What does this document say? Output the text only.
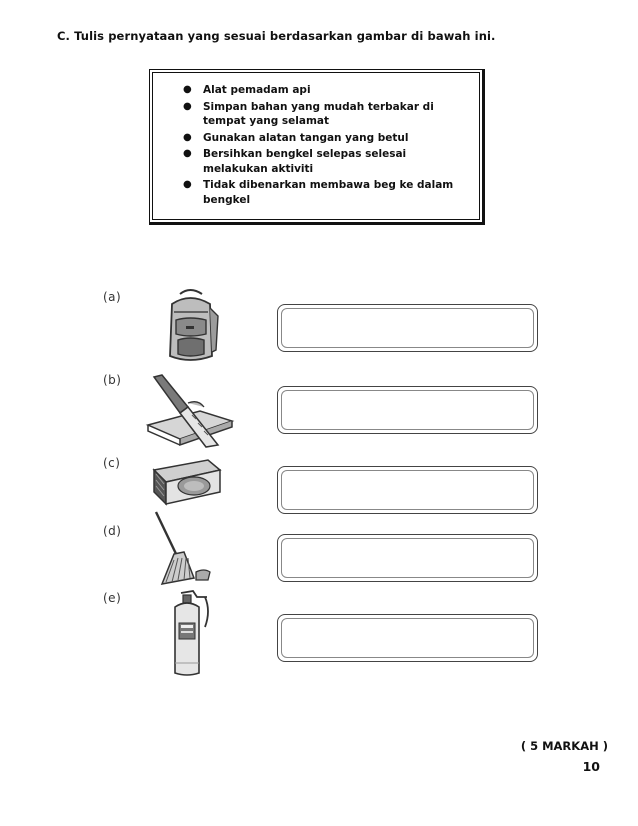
C. Tulis pernyataan yang sesuai berdasarkan gambar di bawah ini.
● Alat pemadam api
● Simpan bahan yang mudah terbakar di tempat yang selamat
● Gunakan alatan tangan yang betul
● Bersihkan bengkel selepas selesai melakukan aktiviti
● Tidak dibenarkan membawa beg ke dalam bengkel
(a)
(b)
(c)
(d)
(e)
( 5 MARKAH )
10
